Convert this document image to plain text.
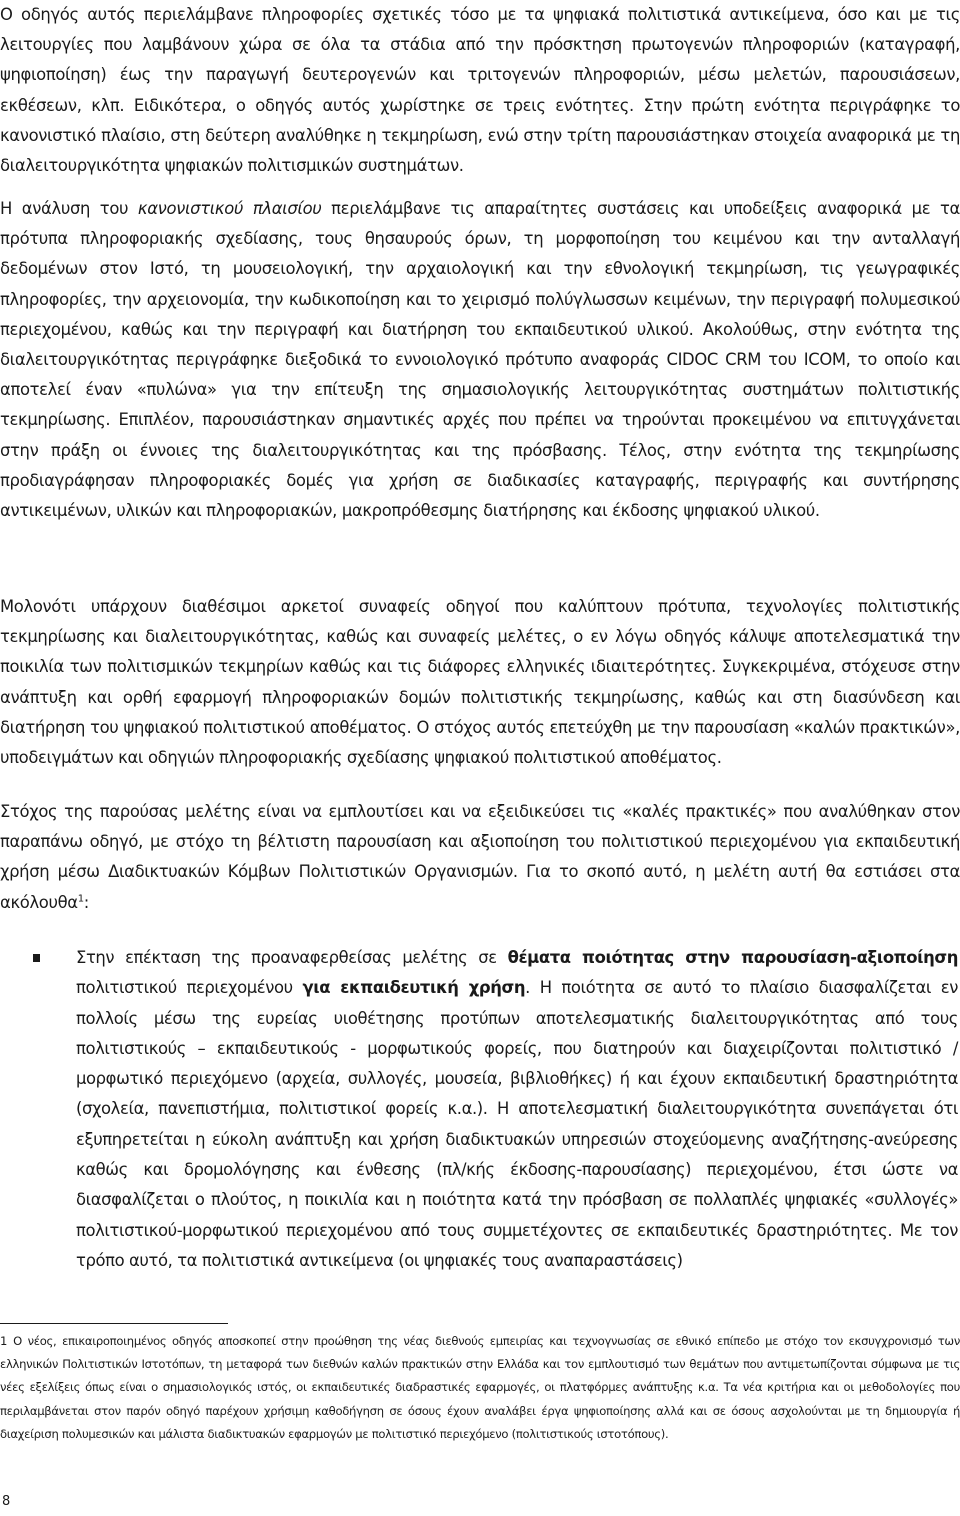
Ο οδηγός αυτός περιελάμβανε πληροφορίες σχετικές τόσο με τα ψηφιακά πολιτιστικά αντικείμενα, όσο και με τις λειτουργίες που λαμβάνουν χώρα σε όλα τα στάδια από την πρόσκτηση πρωτογενών πληροφοριών (καταγραφή, ψηφιοποίηση) έως την παραγωγή δευτερογενών και τριτογενών πληροφοριών, μέσω μελετών, παρουσιάσεων, εκθέσεων, κλπ. Ειδικότερα, ο οδηγός αυτός χωρίστηκε σε τρεις ενότητες. Στην πρώτη ενότητα περιγράφηκε το κανονιστικό πλαίσιο, στη δεύτερη αναλύθηκε η τεκμηρίωση, ενώ στην τρίτη παρουσιάστηκαν στοιχεία αναφορικά με τη διαλειτουργικότητα ψηφιακών πολιτισμικών συστημάτων.

Η ανάλυση του κανονιστικού πλαισίου περιελάμβανε τις απαραίτητες συστάσεις και υποδείξεις αναφορικά με τα πρότυπα πληροφοριακής σχεδίασης, τους θησαυρούς όρων, τη μορφοποίηση του κειμένου και την ανταλλαγή δεδομένων στον Ιστό, τη μουσειολογική, την αρχαιολογική και την εθνολογική τεκμηρίωση, τις γεωγραφικές πληροφορίες, την αρχειονομία, την κωδικοποίηση και το χειρισμό πολύγλωσσων κειμένων, την περιγραφή πολυμεσικού περιεχομένου, καθώς και την περιγραφή και διατήρηση του εκπαιδευτικού υλικού. Ακολούθως, στην ενότητα της διαλειτουργικότητας περιγράφηκε διεξοδικά το εννοιολογικό πρότυπο αναφοράς CIDOC CRM του ICOM, το οποίο και αποτελεί έναν «πυλώνα» για την επίτευξη της σημασιολογικής λειτουργικότητας συστημάτων πολιτιστικής τεκμηρίωσης. Επιπλέον, παρουσιάστηκαν σημαντικές αρχές που πρέπει να τηρούνται προκειμένου να επιτυγχάνεται στην πράξη οι έννοιες της διαλειτουργικότητας και της πρόσβασης. Τέλος, στην ενότητα της τεκμηρίωσης προδιαγράφησαν πληροφοριακές δομές για χρήση σε διαδικασίες καταγραφής, περιγραφής και συντήρησης αντικειμένων, υλικών και πληροφοριακών, μακροπρόθεσμης διατήρησης και έκδοσης ψηφιακού υλικού.

Μολονότι υπάρχουν διαθέσιμοι αρκετοί συναφείς οδηγοί που καλύπτουν πρότυπα, τεχνολογίες πολιτιστικής τεκμηρίωσης και διαλειτουργικότητας, καθώς και συναφείς μελέτες, ο εν λόγω οδηγός κάλυψε αποτελεσματικά την ποικιλία των πολιτισμικών τεκμηρίων καθώς και τις διάφορες ελληνικές ιδιαιτερότητες. Συγκεκριμένα, στόχευσε στην ανάπτυξη και ορθή εφαρμογή πληροφοριακών δομών πολιτιστικής τεκμηρίωσης, καθώς και στη διασύνδεση και διατήρηση του ψηφιακού πολιτιστικού αποθέματος. Ο στόχος αυτός επετεύχθη με την παρουσίαση «καλών πρακτικών», υποδειγμάτων και οδηγιών πληροφοριακής σχεδίασης ψηφιακού πολιτιστικού αποθέματος.

Στόχος της παρούσας μελέτης είναι να εμπλουτίσει και να εξειδικεύσει τις «καλές πρακτικές» που αναλύθηκαν στον παραπάνω οδηγό, με στόχο τη βέλτιστη παρουσίαση και αξιοποίηση του πολιτιστικού περιεχομένου για εκπαιδευτική χρήση μέσω Διαδικτυακών Κόμβων Πολιτιστικών Οργανισμών. Για το σκοπό αυτό, η μελέτη αυτή θα εστιάσει στα ακόλουθα$^1$:

Στην επέκταση της προαναφερθείσας μελέτης σε θέματα ποιότητας στην παρουσίαση-αξιοποίηση πολιτιστικού περιεχομένου για εκπαιδευτική χρήση. Η ποιότητα σε αυτό το πλαίσιο διασφαλίζεται εν πολλοίς μέσω της ευρείας υιοθέτησης προτύπων αποτελεσματικής διαλειτουργικότητας από τους πολιτιστικούς – εκπαιδευτικούς - μορφωτικούς φορείς, που διατηρούν και διαχειρίζονται πολιτιστικό / μορφωτικό περιεχόμενο (αρχεία, συλλογές, μουσεία, βιβλιοθήκες) ή και έχουν εκπαιδευτική δραστηριότητα (σχολεία, πανεπιστήμια, πολιτιστικοί φορείς κ.α.). Η αποτελεσματική διαλειτουργικότητα συνεπάγεται ότι εξυπηρετείται η εύκολη ανάπτυξη και χρήση διαδικτυακών υπηρεσιών στοχεύομενης αναζήτησης-ανεύρεσης καθώς και δρομολόγησης και ένθεσης (πλ/κής έκδοσης-παρουσίασης) περιεχομένου, έτσι ώστε να διασφαλίζεται ο πλούτος, η ποικιλία και η ποιότητα κατά την πρόσβαση σε πολλαπλές ψηφιακές «συλλογές» πολιτιστικού-μορφωτικού περιεχομένου από τους συμμετέχοντες σε εκπαιδευτικές δραστηριότητες. Με τον τρόπο αυτό, τα πολιτιστικά αντικείμενα (οι ψηφιακές τους αναπαραστάσεις)

1 Ο νέος, επικαιροποιημένος οδηγός αποσκοπεί στην προώθηση της νέας διεθνούς εμπειρίας και τεχνογνωσίας σε εθνικό επίπεδο με στόχο τον εκσυγχρονισμό των ελληνικών Πολιτιστικών Ιστοτόπων, τη μεταφορά των διεθνών καλών πρακτικών στην Ελλάδα και τον εμπλουτισμό των θεμάτων που αντιμετωπίζονται σύμφωνα με τις νέες εξελίξεις όπως είναι ο σημασιολογικός ιστός, οι εκπαιδευτικές διαδραστικές εφαρμογές, οι πλατφόρμες ανάπτυξης κ.α. Τα νέα κριτήρια και οι μεθοδολογίες που περιλαμβάνεται στον παρόν οδηγό παρέχουν χρήσιμη καθοδήγηση σε όσους έχουν αναλάβει έργα ψηφιοποίησης αλλά και σε όσους ασχολούνται με τη δημιουργία ή διαχείριση πολυμεσικών και μάλιστα διαδικτυακών εφαρμογών με πολιτιστικό περιεχόμενο (πολιτιστικούς ιστοτόπους).

8
